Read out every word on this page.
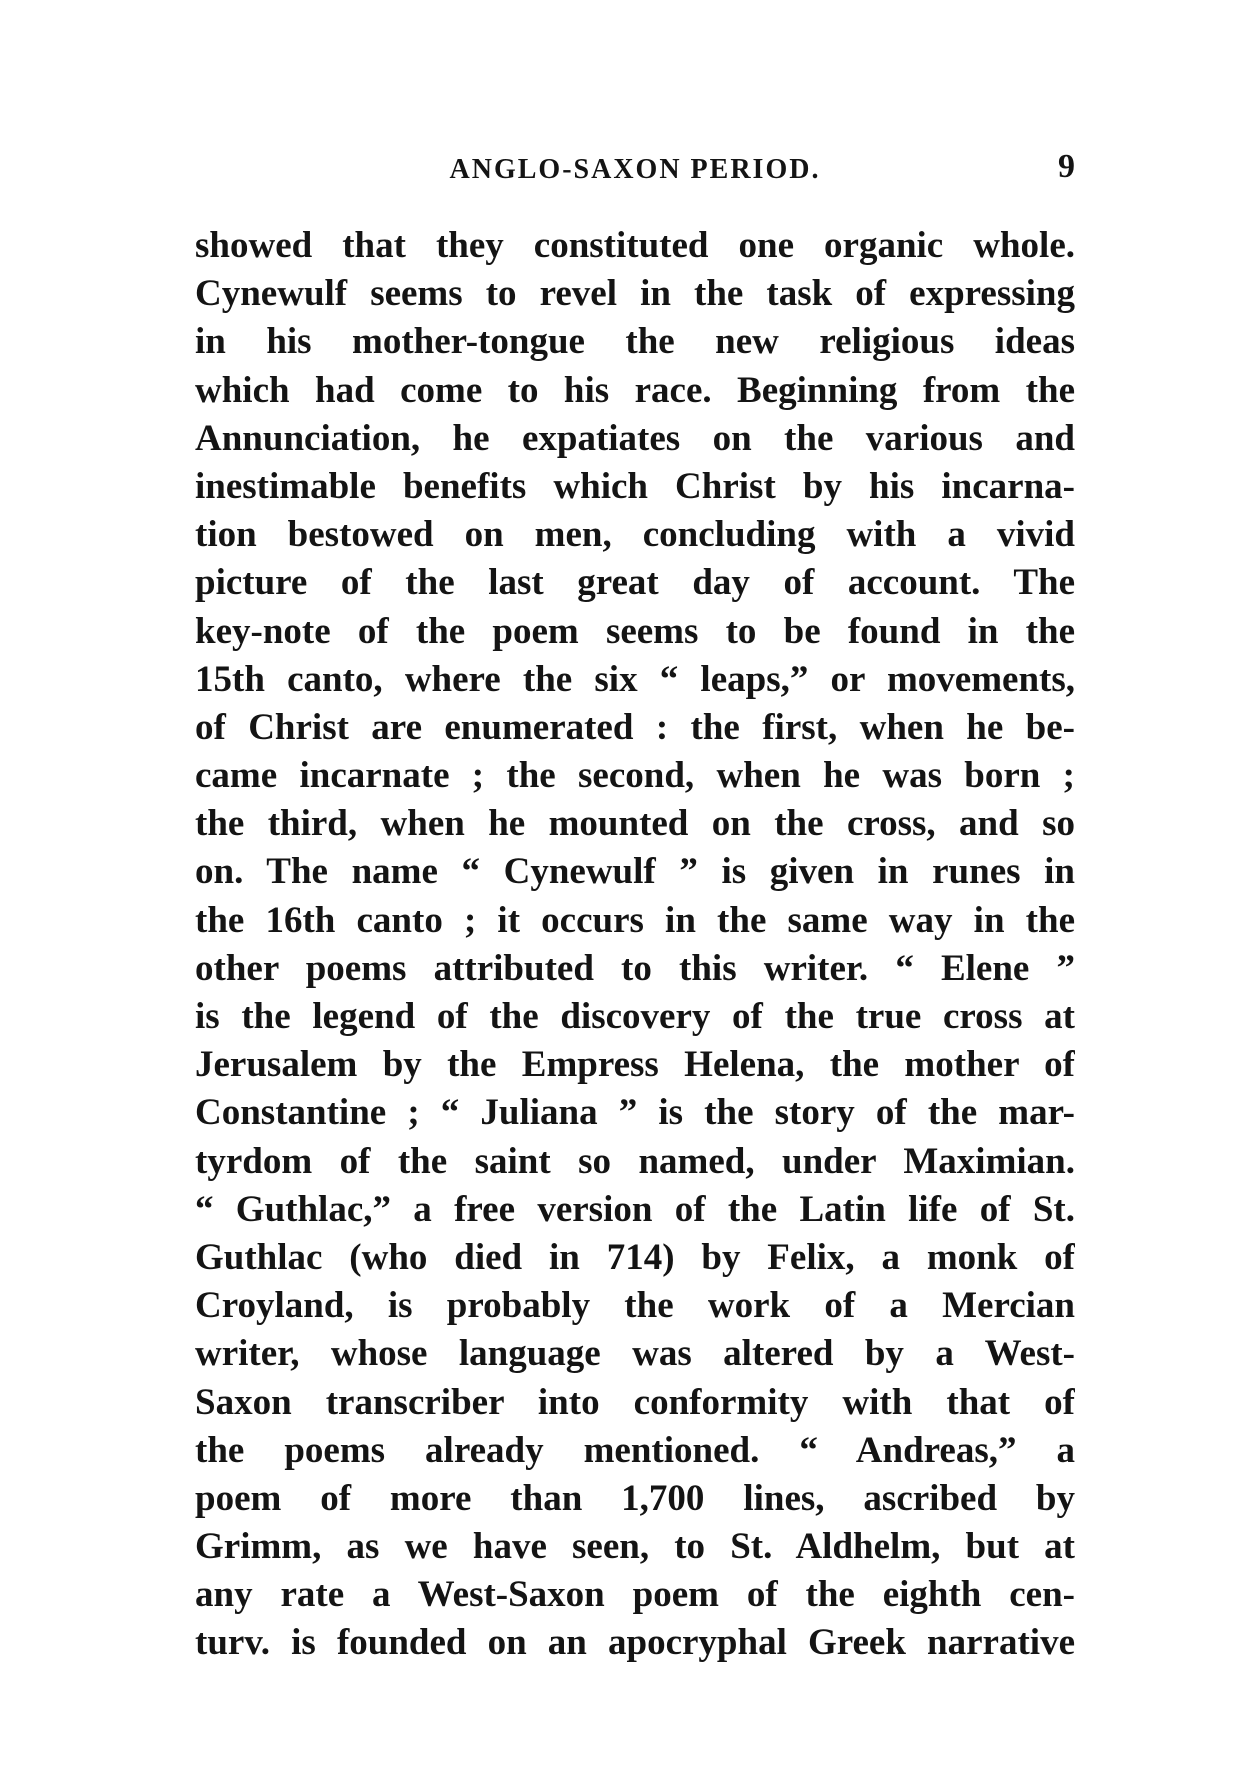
ANGLO-SAXON PERIOD.	9
showed that they constituted one organic whole.
Cynewulf seems to revel in the task of expressing
in his mother-tongue the new religious ideas
which had come to his race. Beginning from the
Annunciation, he expatiates on the various and
inestimable benefits which Christ by his incarna-
tion bestowed on men, concluding with a vivid
picture of the last great day of account. The
key-note of the poem seems to be found in the
15th canto, where the six “ leaps,” or movements,
of Christ are enumerated : the first, when he be-
came incarnate ; the second, when he was born ;
the third, when he mounted on the cross, and so
on. The name “ Cynewulf ” is given in runes in
the 16th canto ; it occurs in the same way in the
other poems attributed to this writer. “ Elene ”
is the legend of the discovery of the true cross at
Jerusalem by the Empress Helena, the mother of
Constantine ; “ Juliana ” is the story of the mar-
tyrdom of the saint so named, under Maximian.
“ Guthlac,” a free version of the Latin life of St.
Guthlac (who died in 714) by Felix, a monk of
Croyland, is probably the work of a Mercian
writer, whose language was altered by a West-
Saxon transcriber into conformity with that of
the poems already mentioned. “ Andreas,” a
poem of more than 1,700 lines, ascribed by
Grimm, as we have seen, to St. Aldhelm, but at
any rate a West-Saxon poem of the eighth cen-
turv. is founded on an apocryphal Greek narrative
